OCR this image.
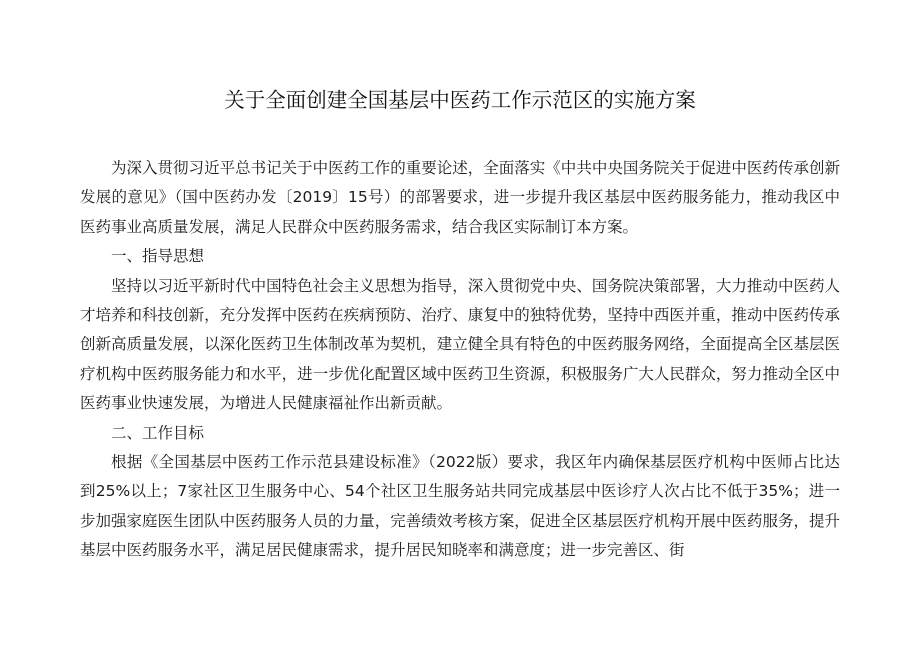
关于全面创建全国基层中医药工作示范区的实施方案

为深入贯彻习近平总书记关于中医药工作的重要论述，全面落实《中共中央国务院关于促进中医药传承创新发展的意见》（国中医药办发〔2019〕15号）的部署要求，进一步提升我区基层中医药服务能力，推动我区中医药事业高质量发展，满足人民群众中医药服务需求，结合我区实际制订本方案。

一、指导思想

坚持以习近平新时代中国特色社会主义思想为指导，深入贯彻党中央、国务院决策部署，大力推动中医药人才培养和科技创新，充分发挥中医药在疾病预防、治疗、康复中的独特优势，坚持中西医并重，推动中医药传承创新高质量发展，以深化医药卫生体制改革为契机，建立健全具有特色的中医药服务网络，全面提高全区基层医疗机构中医药服务能力和水平，进一步优化配置区域中医药卫生资源，积极服务广大人民群众，努力推动全区中医药事业快速发展，为增进人民健康福祉作出新贡献。

二、工作目标

根据《全国基层中医药工作示范县建设标准》（2022版）要求，我区年内确保基层医疗机构中医师占比达到25%以上；7家社区卫生服务中心、54个社区卫生服务站共同完成基层中医诊疗人次占比不低于35%；进一步加强家庭医生团队中医药服务人员的力量，完善绩效考核方案，促进全区基层医疗机构开展中医药服务，提升基层中医药服务水平，满足居民健康需求，提升居民知晓率和满意度；进一步完善区、街
